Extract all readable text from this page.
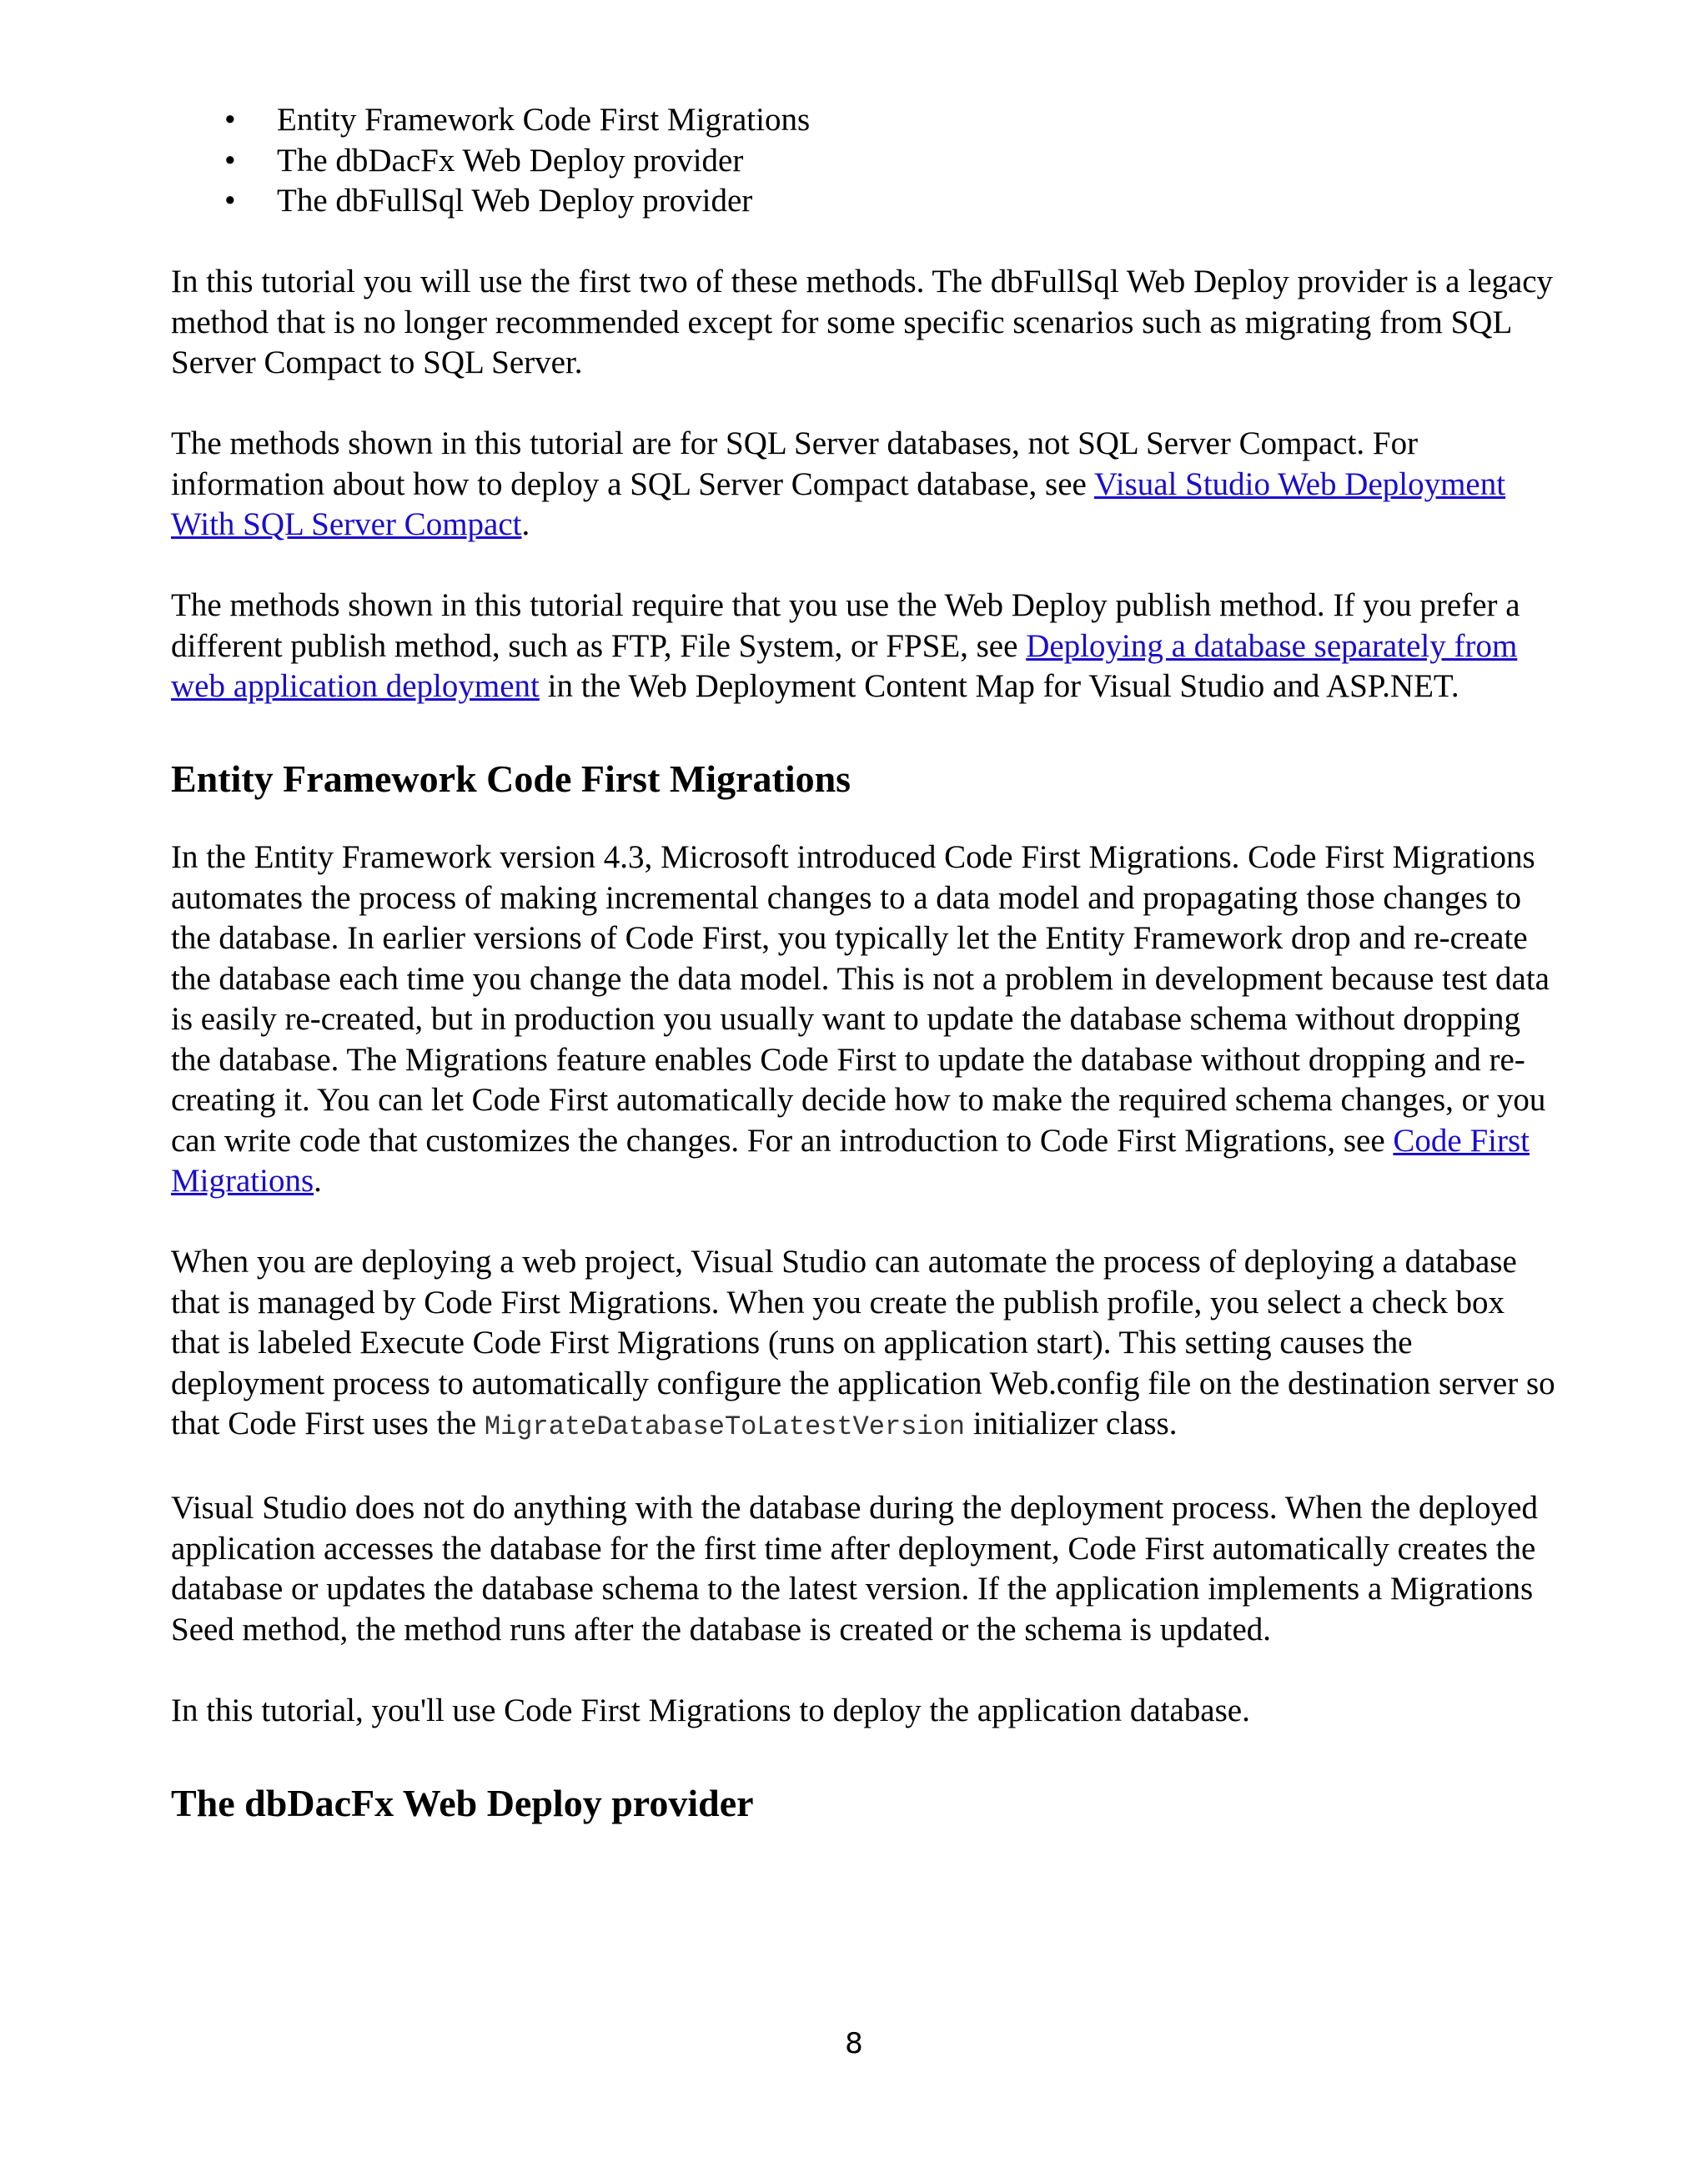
• Entity Framework Code First Migrations
• The dbDacFx Web Deploy provider
• The dbFullSql Web Deploy provider

In this tutorial you will use the first two of these methods. The dbFullSql Web Deploy provider is a legacy method that is no longer recommended except for some specific scenarios such as migrating from SQL Server Compact to SQL Server.

The methods shown in this tutorial are for SQL Server databases, not SQL Server Compact. For information about how to deploy a SQL Server Compact database, see Visual Studio Web Deployment With SQL Server Compact.

The methods shown in this tutorial require that you use the Web Deploy publish method. If you prefer a different publish method, such as FTP, File System, or FPSE, see Deploying a database separately from web application deployment in the Web Deployment Content Map for Visual Studio and ASP.NET.

Entity Framework Code First Migrations

In the Entity Framework version 4.3, Microsoft introduced Code First Migrations. Code First Migrations automates the process of making incremental changes to a data model and propagating those changes to the database. In earlier versions of Code First, you typically let the Entity Framework drop and re-create the database each time you change the data model. This is not a problem in development because test data is easily re-created, but in production you usually want to update the database schema without dropping the database. The Migrations feature enables Code First to update the database without dropping and re-creating it. You can let Code First automatically decide how to make the required schema changes, or you can write code that customizes the changes. For an introduction to Code First Migrations, see Code First Migrations.

When you are deploying a web project, Visual Studio can automate the process of deploying a database that is managed by Code First Migrations. When you create the publish profile, you select a check box that is labeled Execute Code First Migrations (runs on application start). This setting causes the deployment process to automatically configure the application Web.config file on the destination server so that Code First uses the MigrateDatabaseToLatestVersion initializer class.

Visual Studio does not do anything with the database during the deployment process. When the deployed application accesses the database for the first time after deployment, Code First automatically creates the database or updates the database schema to the latest version. If the application implements a Migrations Seed method, the method runs after the database is created or the schema is updated.

In this tutorial, you'll use Code First Migrations to deploy the application database.

The dbDacFx Web Deploy provider
8
